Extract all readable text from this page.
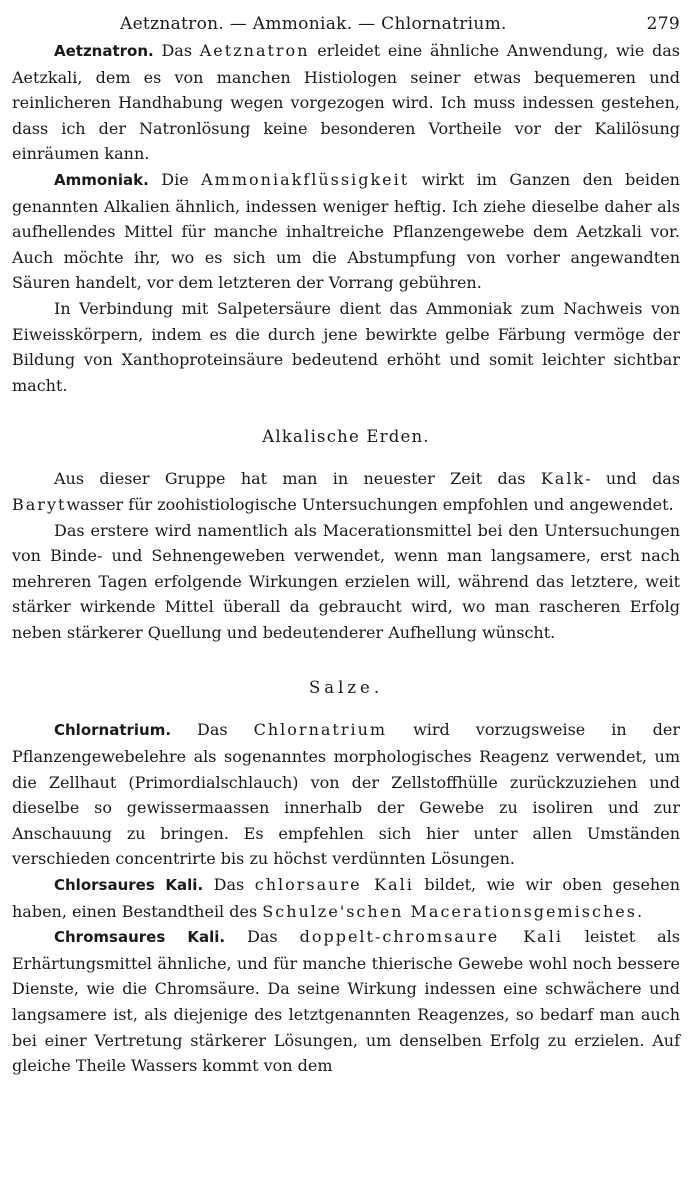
Aetznatron. — Ammoniak. — Chlornatrium.	279

Aetznatron. Das Aetznatron erleidet eine ähnliche Anwendung, wie das Aetzkali, dem es von manchen Histiologen seiner etwas bequemeren und reinlicheren Handhabung wegen vorgezogen wird. Ich muss indessen gestehen, dass ich der Natronlösung keine besonderen Vortheile vor der Kalilösung einräumen kann.

Ammoniak. Die Ammoniakflüssigkeit wirkt im Ganzen den beiden genannten Alkalien ähnlich, indessen weniger heftig. Ich ziehe dieselbe daher als aufhellendes Mittel für manche inhaltreiche Pflanzengewebe dem Aetzkali vor. Auch möchte ihr, wo es sich um die Abstumpfung von vorher angewandten Säuren handelt, vor dem letzteren der Vorrang gebühren.

In Verbindung mit Salpetersäure dient das Ammoniak zum Nachweis von Eiweisskörpern, indem es die durch jene bewirkte gelbe Färbung vermöge der Bildung von Xanthoproteinsäure bedeutend erhöht und somit leichter sichtbar macht.

Alkalische Erden.

Aus dieser Gruppe hat man in neuester Zeit das Kalk- und das Barytwasser für zoohistiologische Untersuchungen empfohlen und angewendet.

Das erstere wird namentlich als Macerationsmittel bei den Untersuchungen von Binde- und Sehnengeweben verwendet, wenn man langsamere, erst nach mehreren Tagen erfolgende Wirkungen erzielen will, während das letztere, weit stärker wirkende Mittel überall da gebraucht wird, wo man rascheren Erfolg neben stärkerer Quellung und bedeutenderer Aufhellung wünscht.

Salze.

Chlornatrium. Das Chlornatrium wird vorzugsweise in der Pflanzengewebelehre als sogenanntes morphologisches Reagenz verwendet, um die Zellhaut (Primordialschlauch) von der Zellstoffhülle zurückzuziehen und dieselbe so gewissermaassen innerhalb der Gewebe zu isoliren und zur Anschauung zu bringen. Es empfehlen sich hier unter allen Umständen verschieden concentrirte bis zu höchst verdünnten Lösungen.

Chlorsaures Kali. Das chlorsaure Kali bildet, wie wir oben gesehen haben, einen Bestandtheil des Schulze'schen Macerationsgemisches.

Chromsaures Kali. Das doppelt-chromsaure Kali leistet als Erhärtungsmittel ähnliche, und für manche thierische Gewebe wohl noch bessere Dienste, wie die Chromsäure. Da seine Wirkung indessen eine schwächere und langsamere ist, als diejenige des letztgenannten Reagenzes, so bedarf man auch bei einer Vertretung stärkerer Lösungen, um denselben Erfolg zu erzielen. Auf gleiche Theile Wassers kommt von dem
